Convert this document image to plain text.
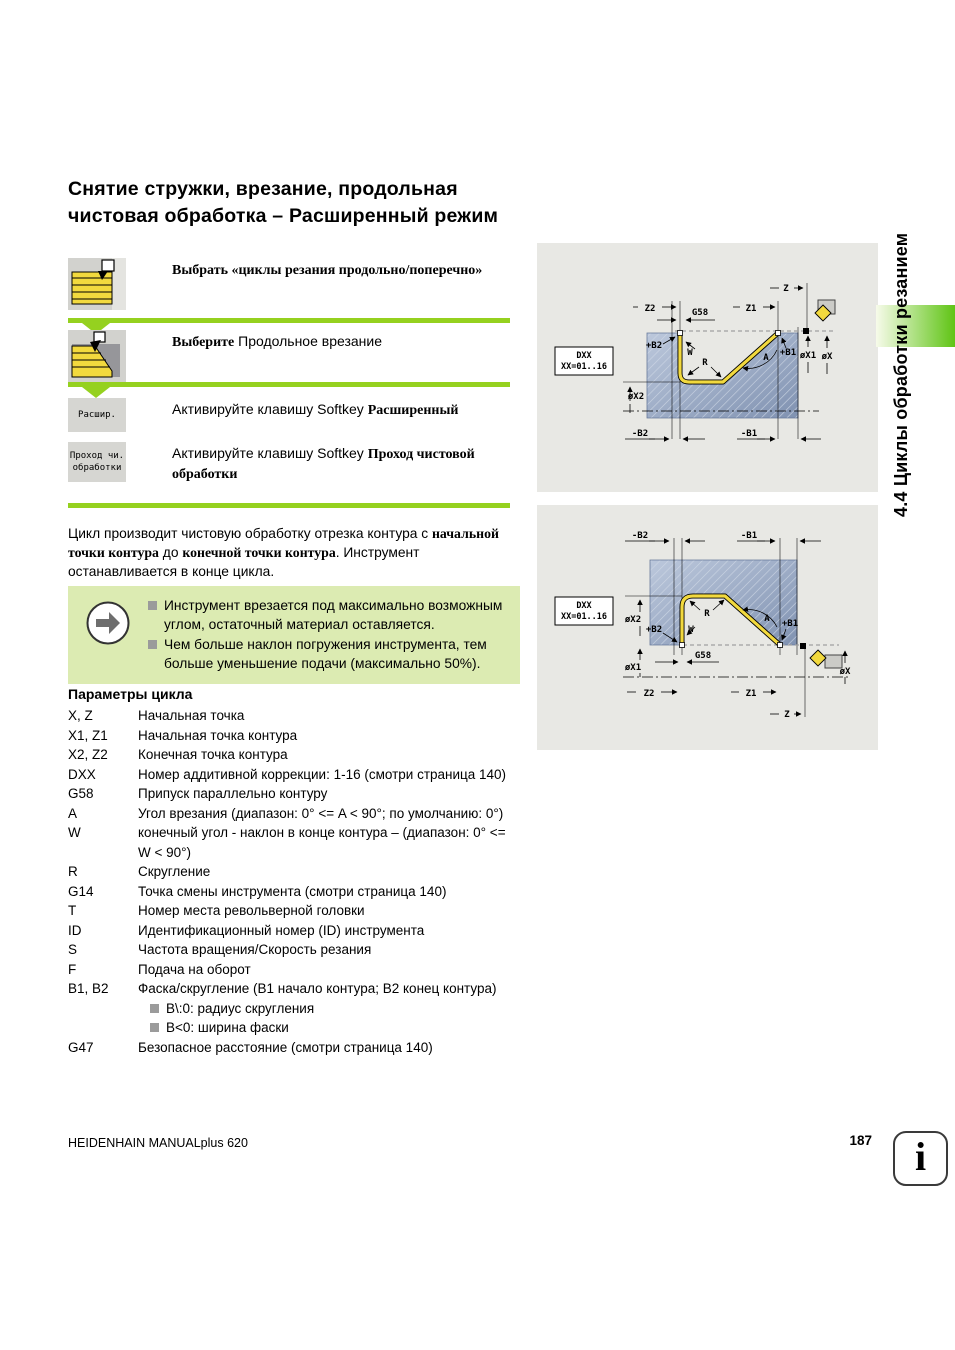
Снятие стружки, врезание, продольная чистовая обработка – Расширенный режим
Выбрать «циклы резания продольно/поперечно»
Выберите Продольное врезание
Расшир.	Активируйте клавишу Softkey Расширенный
Проход чи.
обработки
Активируйте клавишу Softkey Проход чистовой обработки
Цикл производит чистовую обработку отрезка контура с начальной точки контура до конечной точки контура. Инструмент останавливается в конце цикла.
Инструмент врезается под максимально возможным углом, остаточный материал оставляется.
Чем больше наклон погружения инструмента, тем больше уменьшение подачи (максимально 50%).
Параметры цикла
X, Z	Начальная точка
X1, Z1	Начальная точка контура
X2, Z2	Конечная точка контура
DXX	Номер аддитивной коррекции: 1-16 (смотри страница 140)
G58	Припуск параллельно контуру
A	Угол врезания (диапазон: 0° <= A < 90°; по умолчанию: 0°)
W	конечный угол - наклон в конце контура – (диапазон: 0° <= W < 90°)
R	Скругление
G14	Точка смены инструмента (смотри страница 140)
T	Номер места револьверной головки
ID	Идентификационный номер (ID) инструмента
S	Частота вращения/Скорость резания
F	Подача на оборот
B1, B2	Фаска/скругление (B1 начало контура; B2 конец контура)
B\:0: радиус скругления
B<0: ширина фаски
G47	Безопасное расстояние (смотри страница 140)
DXX
XX=01..16
Z
Z2	Z1
G58
+B2
W
R	A +B1 øX1 øX
øX2
-B2	-B1
DXX
XX=01..16
-B2	-B1
øX2
øX1
+B2	W
R	A +B1
G58
Z2	Z1
Z
øX
4.4 Циклы обработки резанием
HEIDENHAIN MANUALplus 620	187 i
